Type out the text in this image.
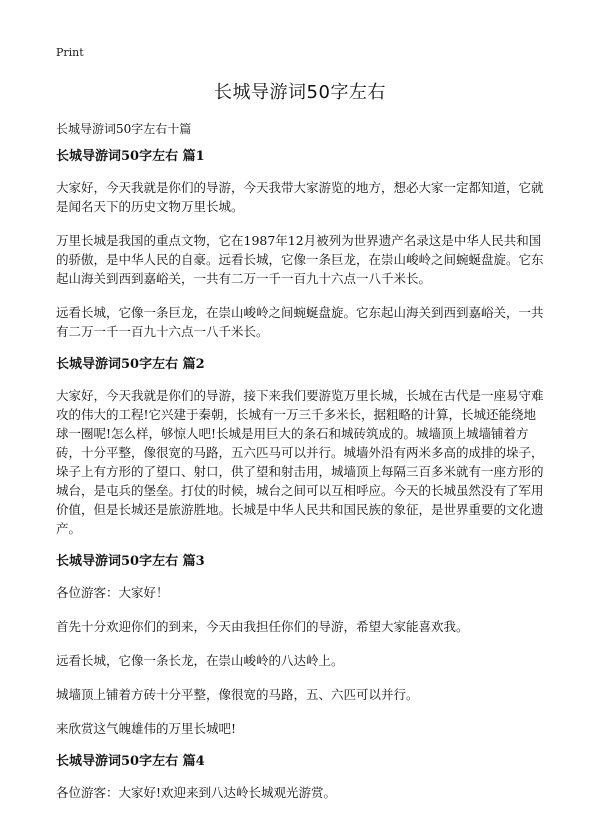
Print
长城导游词50字左右
长城导游词50字左右十篇
长城导游词50字左右 篇1

大家好，今天我就是你们的导游，今天我带大家游览的地方，想必大家一定都知道，它就是闻名天下的历史文物万里长城。

万里长城是我国的重点文物，它在1987年12月被列为世界遗产名录这是中华人民共和国的骄傲，是中华人民的自豪。远看长城，它像一条巨龙，在崇山峻岭之间蜿蜒盘旋。它东起山海关到西到嘉峪关，一共有二万一千一百九十六点一八千米长。

远看长城，它像一条巨龙，在崇山峻岭之间蜿蜒盘旋。它东起山海关到西到嘉峪关，一共有二万一千一百九十六点一八千米长。

长城导游词50字左右 篇2

大家好，今天我就是你们的导游，接下来我们要游览万里长城，长城在古代是一座易守难攻的伟大的工程!它兴建于秦朝，长城有一万三千多米长，据粗略的计算，长城还能绕地球一圈呢!怎么样，够惊人吧!长城是用巨大的条石和城砖筑成的。城墙顶上城墙铺着方砖，十分平整，像很宽的马路，五六匹马可以并行。城墙外沿有两米多高的成排的垛子，垛子上有方形的了望口、射口，供了望和射击用，城墙顶上每隔三百多米就有一座方形的城台，是屯兵的堡垒。打仗的时候，城台之间可以互相呼应。今天的长城虽然没有了军用价值，但是长城还是旅游胜地。长城是中华人民共和国民族的象征，是世界重要的文化遗产。

长城导游词50字左右 篇3

各位游客：大家好！

首先十分欢迎你们的到来，今天由我担任你们的导游，希望大家能喜欢我。

远看长城，它像一条长龙，在崇山峻岭的八达岭上。

城墙顶上铺着方砖十分平整，像很宽的马路，五、六匹可以并行。

来欣赏这气魄雄伟的万里长城吧!

长城导游词50字左右 篇4

各位游客：大家好!欢迎来到八达岭长城观光游赏。
